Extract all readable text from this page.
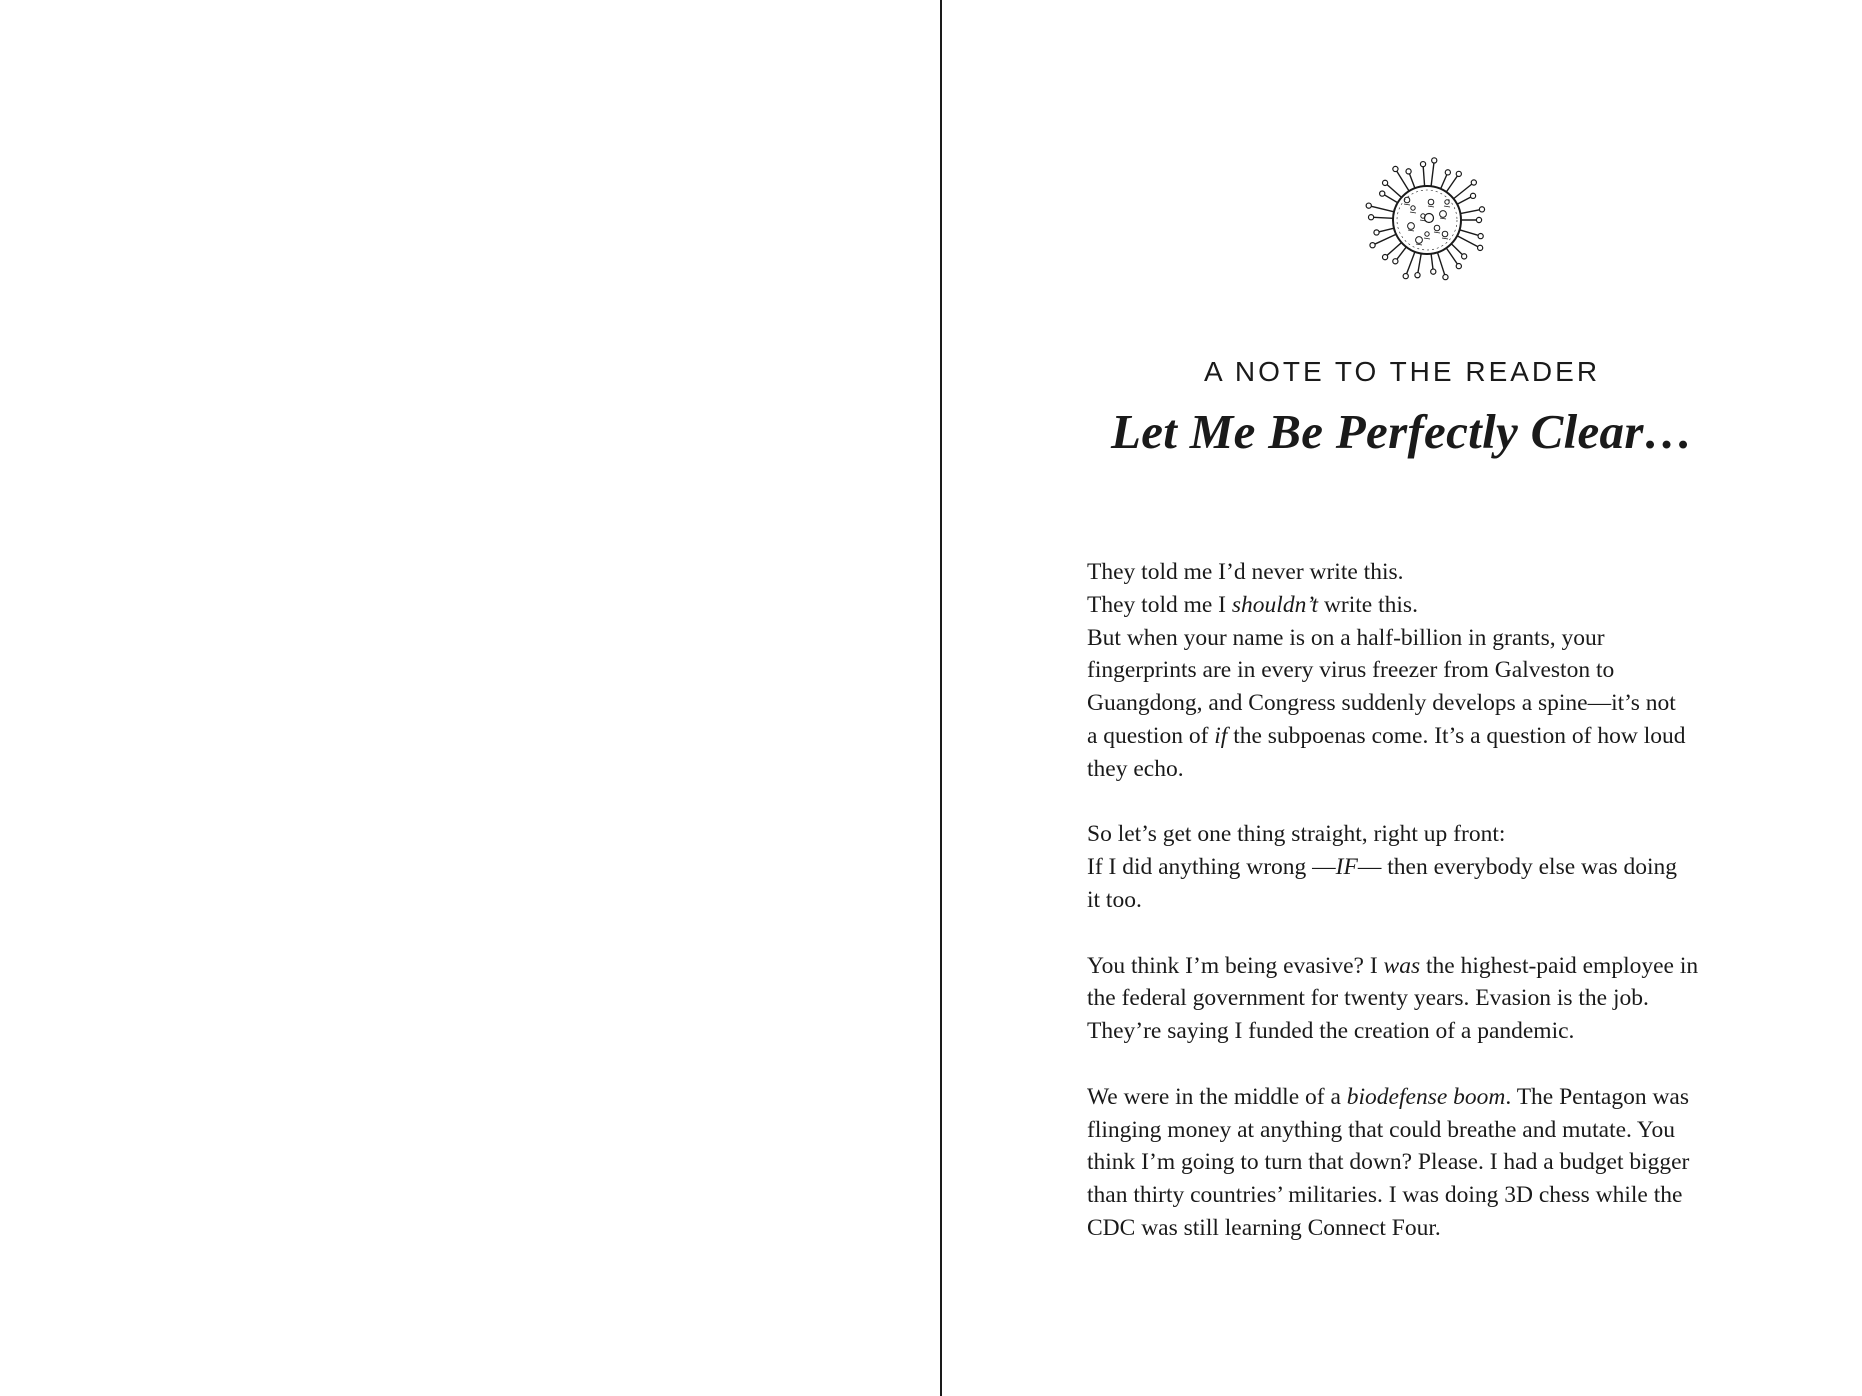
A NOTE TO THE READER
Let Me Be Perfectly Clear…

They told me I’d never write this.
They told me I shouldn’t write this.
But when your name is on a half-billion in grants, your
fingerprints are in every virus freezer from Galveston to
Guangdong, and Congress suddenly develops a spine—it’s not
a question of if the subpoenas come. It’s a question of how loud
they echo.

So let’s get one thing straight, right up front:
If I did anything wrong —IF— then everybody else was doing
it too.

You think I’m being evasive? I was the highest-paid employee in
the federal government for twenty years. Evasion is the job.
They’re saying I funded the creation of a pandemic.

We were in the middle of a biodefense boom. The Pentagon was
flinging money at anything that could breathe and mutate. You
think I’m going to turn that down? Please. I had a budget bigger
than thirty countries’ militaries. I was doing 3D chess while the
CDC was still learning Connect Four.
